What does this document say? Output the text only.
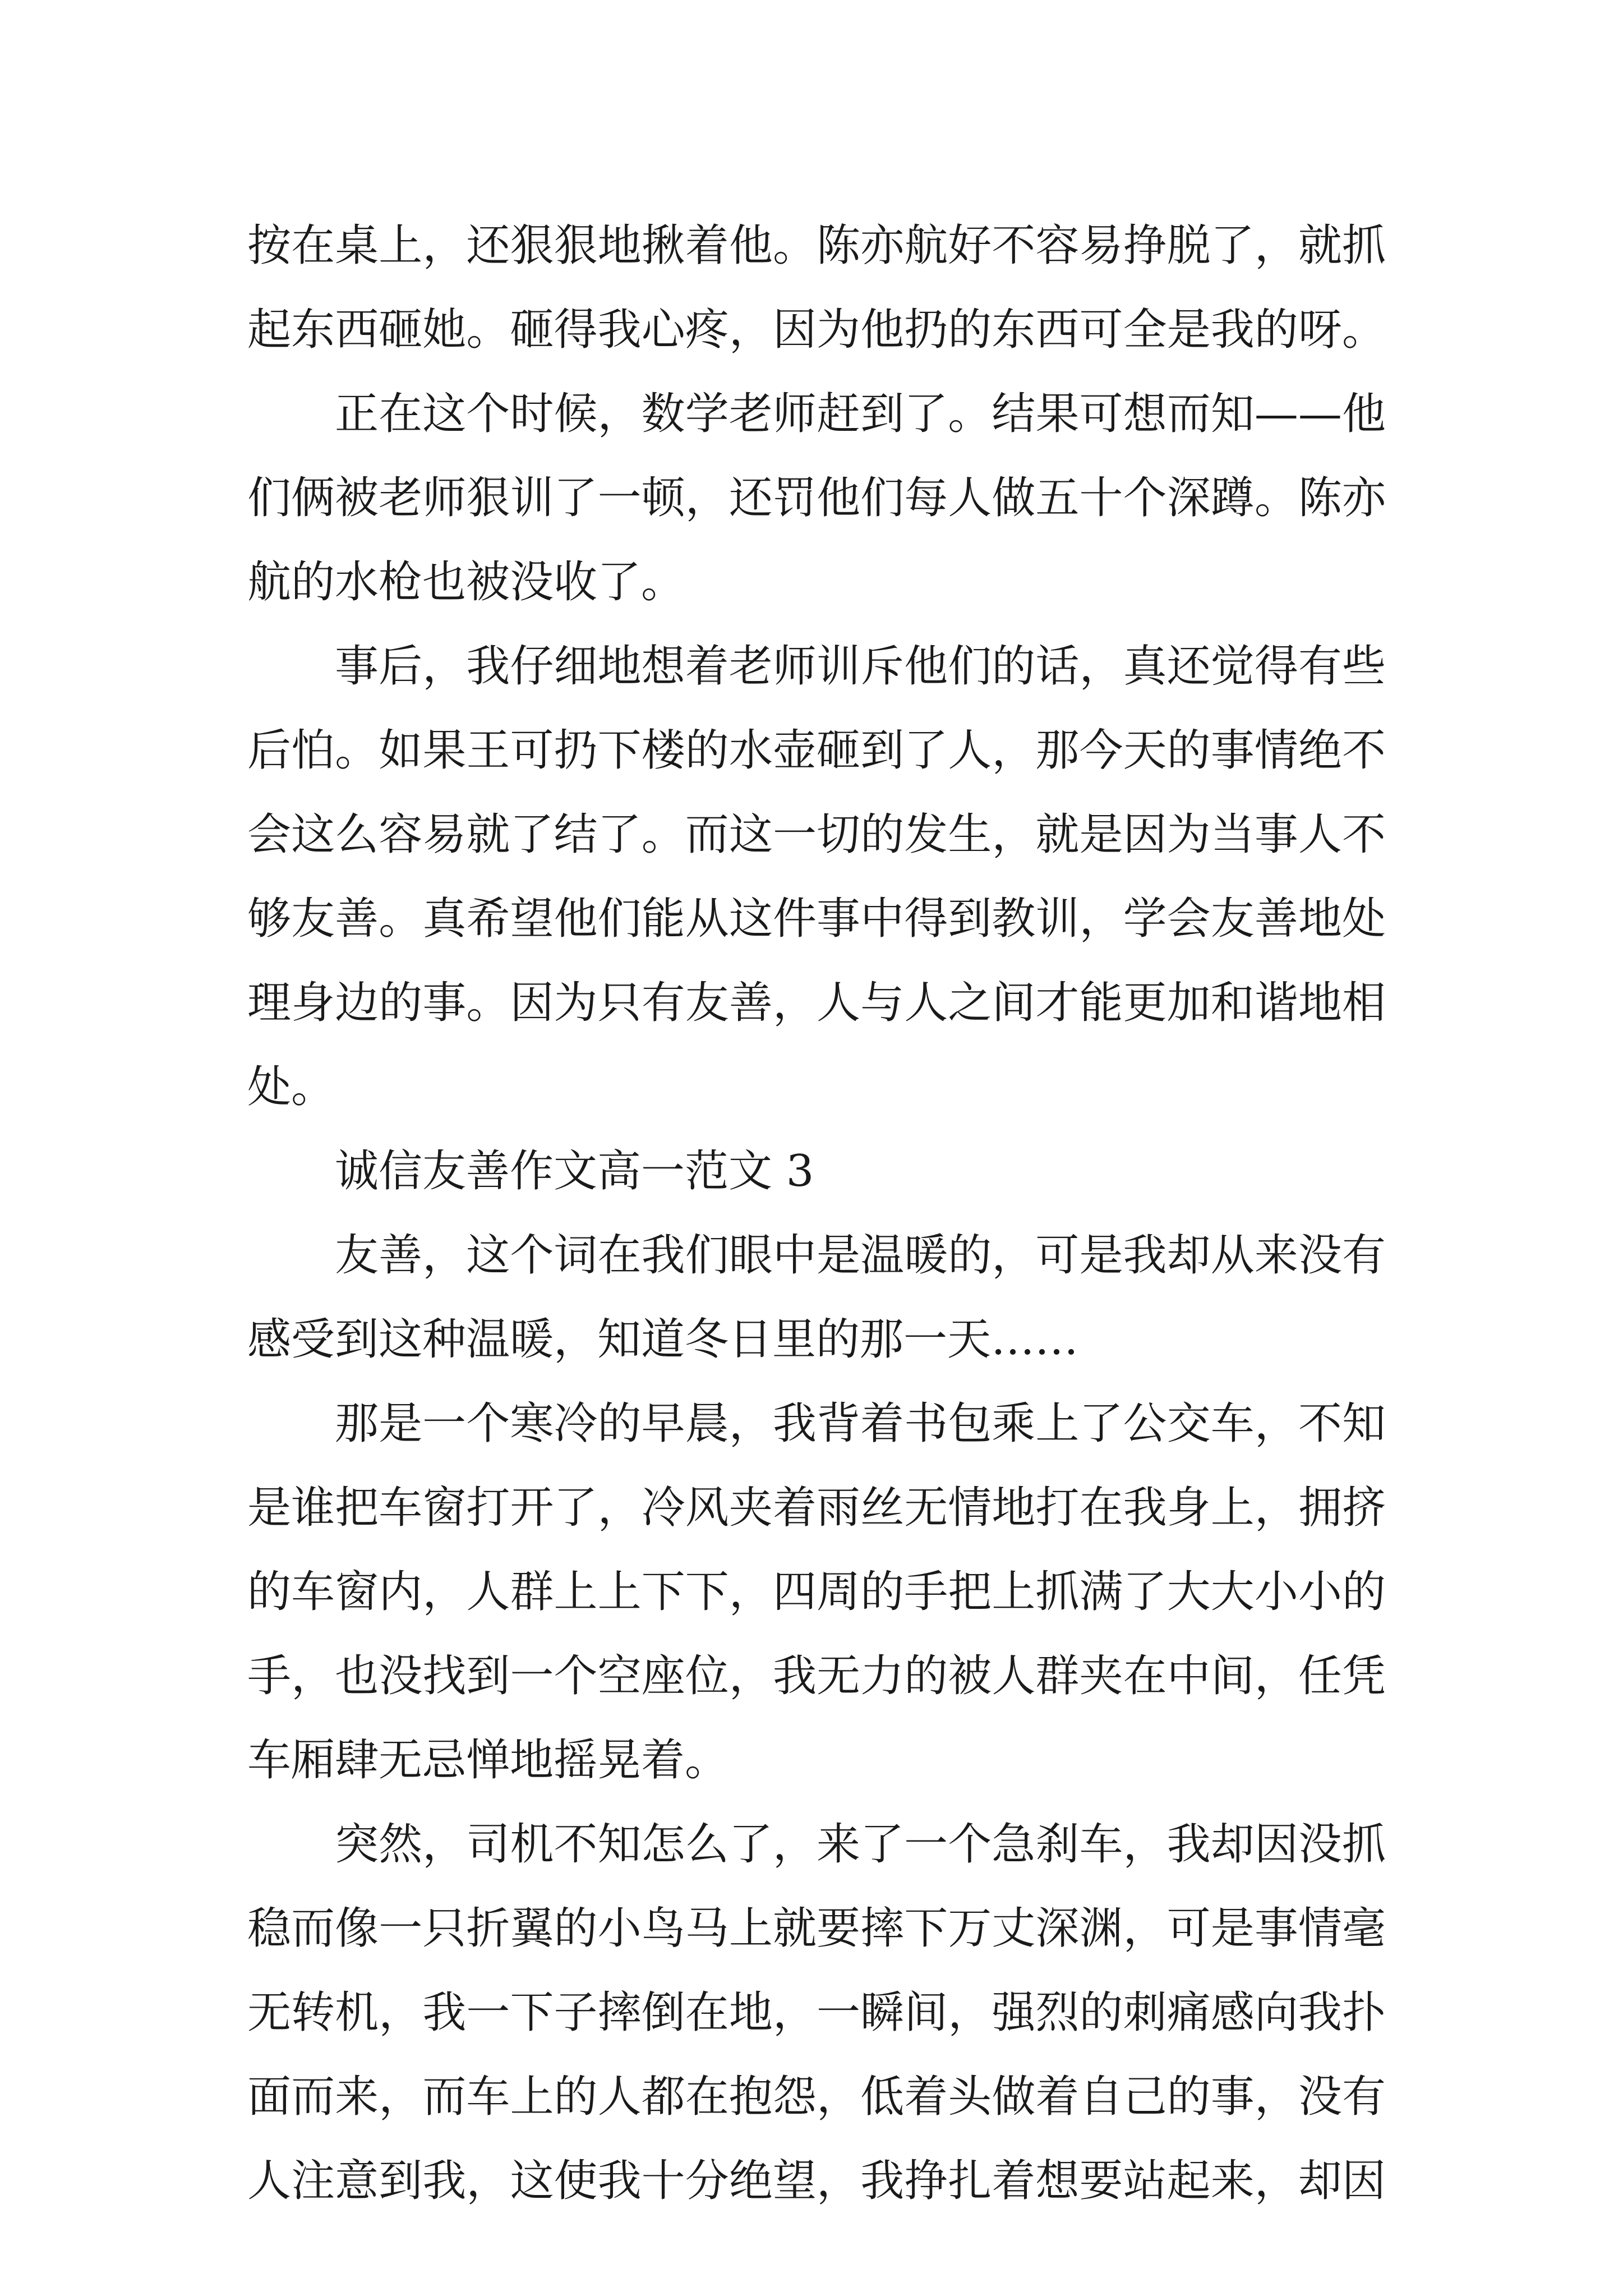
按在桌上，还狠狠地揪着他。陈亦航好不容易挣脱了，就抓
起东西砸她。砸得我心疼，因为他扔的东西可全是我的呀。
正在这个时候，数学老师赶到了。结果可想而知——他
们俩被老师狠训了一顿，还罚他们每人做五十个深蹲。陈亦
航的水枪也被没收了。
事后，我仔细地想着老师训斥他们的话，真还觉得有些
后怕。如果王可扔下楼的水壶砸到了人，那今天的事情绝不
会这么容易就了结了。而这一切的发生，就是因为当事人不
够友善。真希望他们能从这件事中得到教训，学会友善地处
理身边的事。因为只有友善，人与人之间才能更加和谐地相
处。
诚信友善作文高一范文 3
友善，这个词在我们眼中是温暖的，可是我却从来没有
感受到这种温暖，知道冬日里的那一天……
那是一个寒冷的早晨，我背着书包乘上了公交车，不知
是谁把车窗打开了，冷风夹着雨丝无情地打在我身上，拥挤
的车窗内，人群上上下下，四周的手把上抓满了大大小小的
手，也没找到一个空座位，我无力的被人群夹在中间，任凭
车厢肆无忌惮地摇晃着。
突然，司机不知怎么了，来了一个急刹车，我却因没抓
稳而像一只折翼的小鸟马上就要摔下万丈深渊，可是事情毫
无转机，我一下子摔倒在地，一瞬间，强烈的刺痛感向我扑
面而来，而车上的人都在抱怨，低着头做着自己的事，没有
人注意到我，这使我十分绝望，我挣扎着想要站起来，却因
